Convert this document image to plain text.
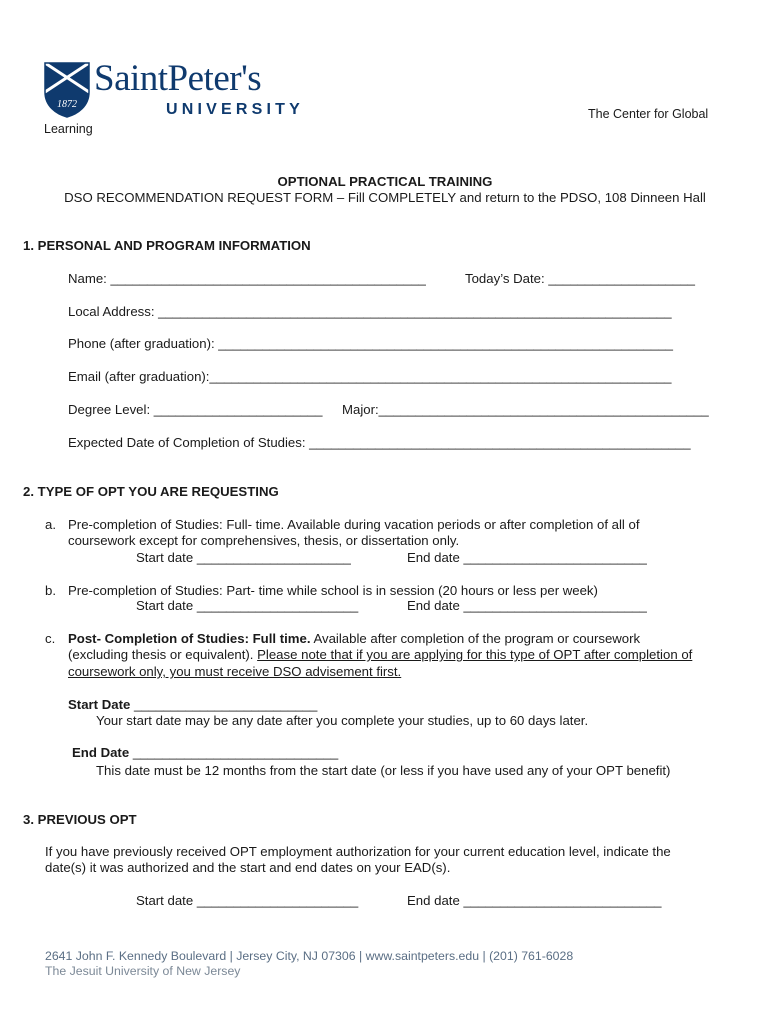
1872
SaintPeter's
UNIVERSITY	The Center for Global
Learning
OPTIONAL PRACTICAL TRAINING
DSO RECOMMENDATION REQUEST FORM – Fill COMPLETELY and return to the PDSO, 108 Dinneen Hall
1. PERSONAL AND PROGRAM INFORMATION
Name: ___________________________________________	Today’s Date: ____________________
Local Address: ______________________________________________________________________
Phone (after graduation): ______________________________________________________________
Email (after graduation):_______________________________________________________________
Degree Level: _______________________ Major:_____________________________________________
Expected Date of Completion of Studies: ____________________________________________________
2. TYPE OF OPT YOU ARE REQUESTING
a. Pre-completion of Studies: Full- time. Available during vacation periods or after completion of all of
coursework except for comprehensives, thesis, or dissertation only.
Start date _____________________	End date _________________________
b. Pre-completion of Studies: Part- time while school is in session (20 hours or less per week)
Start date ______________________	End date _________________________
c. Post- Completion of Studies: Full time. Available after completion of the program or coursework
(excluding thesis or equivalent). Please note that if you are applying for this type of OPT after completion of
coursework only, you must receive DSO advisement first.
Start Date _________________________
Your start date may be any date after you complete your studies, up to 60 days later.
End Date ____________________________
This date must be 12 months from the start date (or less if you have used any of your OPT benefit)
3. PREVIOUS OPT
If you have previously received OPT employment authorization for your current education level, indicate the
date(s) it was authorized and the start and end dates on your EAD(s).
Start date ______________________	End date ___________________________
2641 John F. Kennedy Boulevard | Jersey City, NJ 07306 | www.saintpeters.edu | (201) 761-6028
The Jesuit University of New Jersey
